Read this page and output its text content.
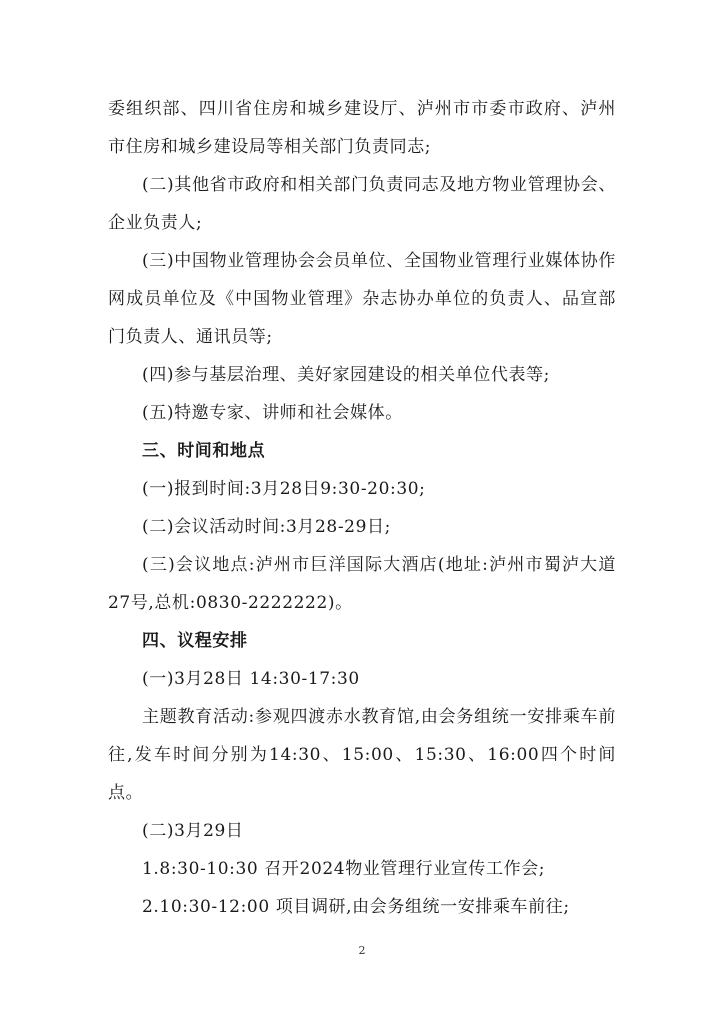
委组织部、四川省住房和城乡建设厅、泸州市市委市政府、泸州市住房和城乡建设局等相关部门负责同志;

(二)其他省市政府和相关部门负责同志及地方物业管理协会、企业负责人;

(三)中国物业管理协会会员单位、全国物业管理行业媒体协作网成员单位及《中国物业管理》杂志协办单位的负责人、品宣部门负责人、通讯员等;

(四)参与基层治理、美好家园建设的相关单位代表等;

(五)特邀专家、讲师和社会媒体。

三、时间和地点

(一)报到时间:3月28日9:30-20:30;

(二)会议活动时间:3月28-29日;

(三)会议地点:泸州市巨洋国际大酒店(地址:泸州市蜀泸大道27号,总机:0830-2222222)。

四、议程安排

(一)3月28日 14:30-17:30

主题教育活动:参观四渡赤水教育馆,由会务组统一安排乘车前往,发车时间分别为14:30、15:00、15:30、16:00四个时间点。

(二)3月29日

1.8:30-10:30 召开2024物业管理行业宣传工作会;

2.10:30-12:00 项目调研,由会务组统一安排乘车前往;

2
